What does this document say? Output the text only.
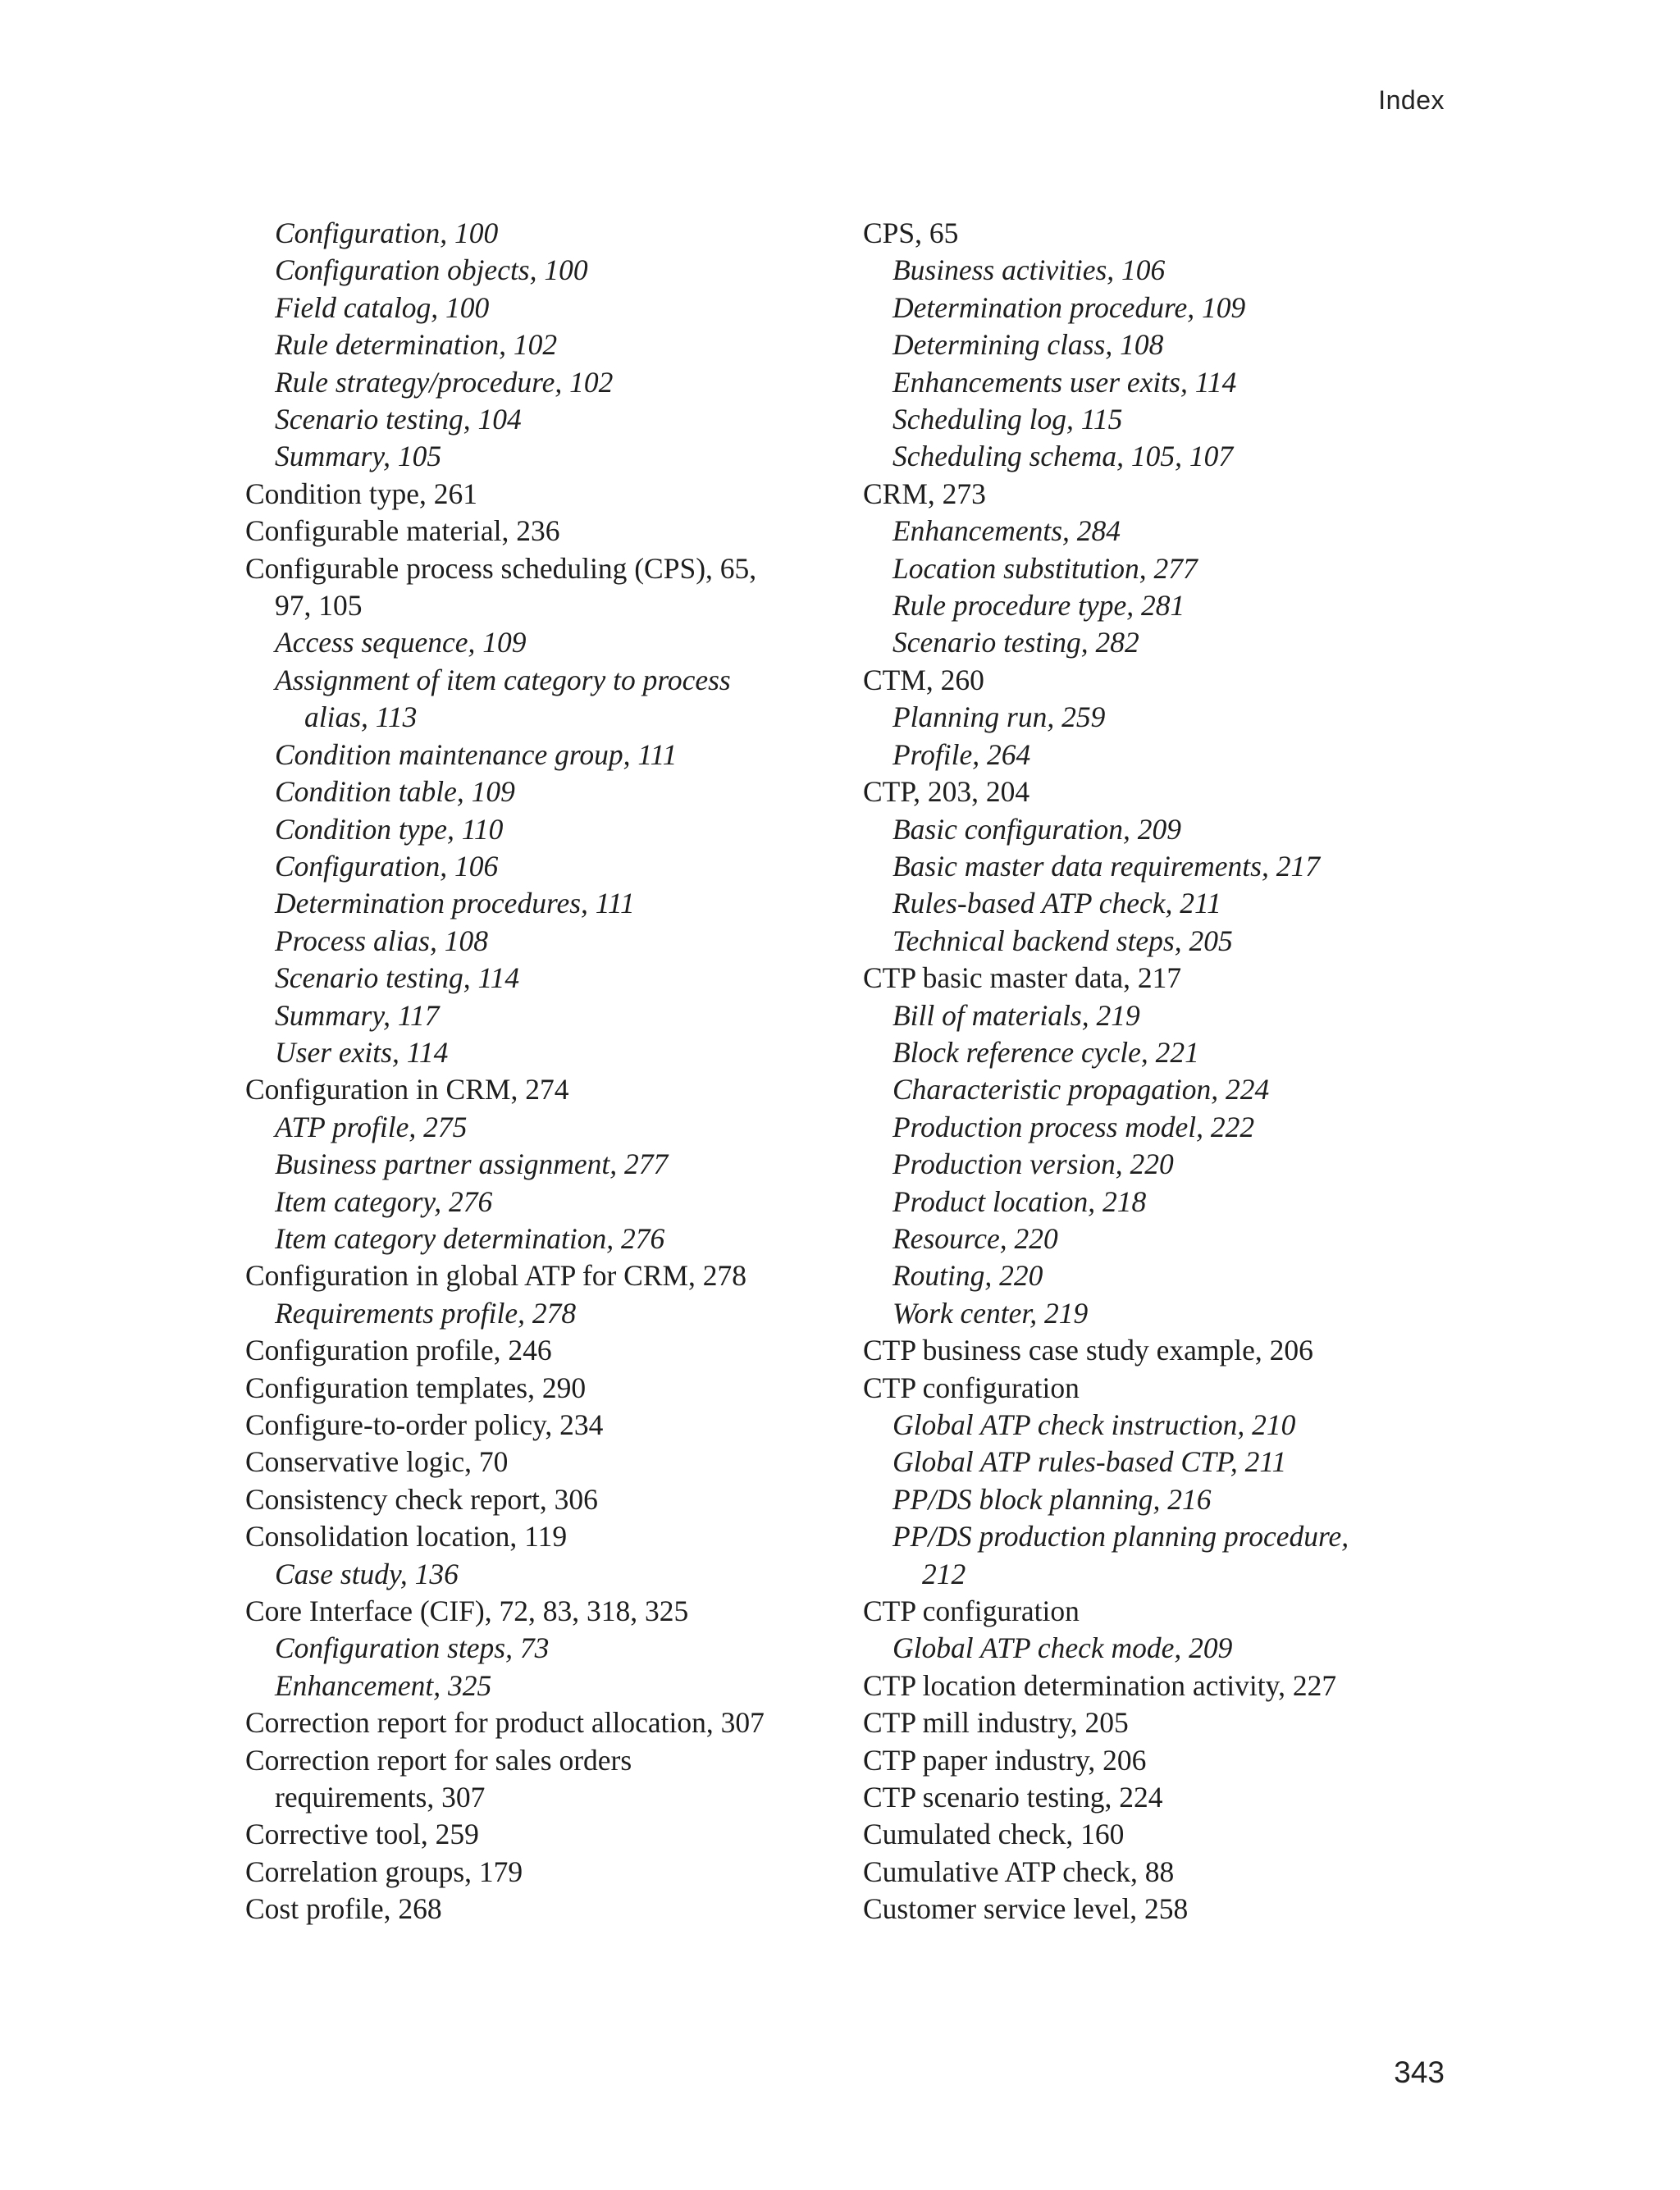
Index
Configuration, 100
Configuration objects, 100
Field catalog, 100
Rule determination, 102
Rule strategy/procedure, 102
Scenario testing, 104
Summary, 105
Condition type, 261
Configurable material, 236
Configurable process scheduling (CPS), 65,
97, 105
Access sequence, 109
Assignment of item category to process
alias, 113
Condition maintenance group, 111
Condition table, 109
Condition type, 110
Configuration, 106
Determination procedures, 111
Process alias, 108
Scenario testing, 114
Summary, 117
User exits, 114
Configuration in CRM, 274
ATP profile, 275
Business partner assignment, 277
Item category, 276
Item category determination, 276
Configuration in global ATP for CRM, 278
Requirements profile, 278
Configuration profile, 246
Configuration templates, 290
Configure-to-order policy, 234
Conservative logic, 70
Consistency check report, 306
Consolidation location, 119
Case study, 136
Core Interface (CIF), 72, 83, 318, 325
Configuration steps, 73
Enhancement, 325
Correction report for product allocation, 307
Correction report for sales orders
requirements, 307
Corrective tool, 259
Correlation groups, 179
Cost profile, 268
CPS, 65
Business activities, 106
Determination procedure, 109
Determining class, 108
Enhancements user exits, 114
Scheduling log, 115
Scheduling schema, 105, 107
CRM, 273
Enhancements, 284
Location substitution, 277
Rule procedure type, 281
Scenario testing, 282
CTM, 260
Planning run, 259
Profile, 264
CTP, 203, 204
Basic configuration, 209
Basic master data requirements, 217
Rules-based ATP check, 211
Technical backend steps, 205
CTP basic master data, 217
Bill of materials, 219
Block reference cycle, 221
Characteristic propagation, 224
Production process model, 222
Production version, 220
Product location, 218
Resource, 220
Routing, 220
Work center, 219
CTP business case study example, 206
CTP configuration
Global ATP check instruction, 210
Global ATP rules-based CTP, 211
PP/DS block planning, 216
PP/DS production planning procedure,
212
CTP configuration
Global ATP check mode, 209
CTP location determination activity, 227
CTP mill industry, 205
CTP paper industry, 206
CTP scenario testing, 224
Cumulated check, 160
Cumulative ATP check, 88
Customer service level, 258
343
